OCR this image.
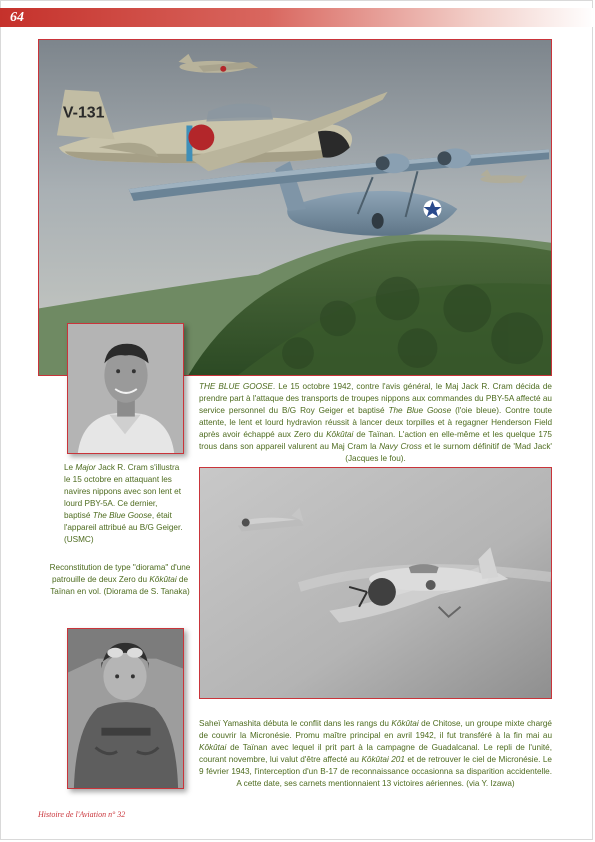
64
V-131
THE BLUE GOOSE. Le 15 octobre 1942, contre l'avis général, le Maj Jack R. Cram décida de prendre part à l'attaque des transports de troupes nippons aux commandes du PBY-5A affecté au service personnel du B/G Roy Geiger et baptisé The Blue Goose (l'oie bleue). Contre toute attente, le lent et lourd hydravion réussit à lancer deux torpilles et à regagner Henderson Field après avoir échappé aux Zero du Kôkûtai de Taïnan. L'action en elle-même et les quelque 175 trous dans son appareil valurent au Maj Cram la Navy Cross et le surnom définitif de 'Mad Jack' (Jacques le fou).
Le Major Jack R. Cram s'illustra le 15 octobre en attaquant les navires nippons avec son lent et lourd PBY-5A. Ce dernier, baptisé The Blue Goose, était l'appareil attribué au B/G Geiger. (USMC)
Reconstitution de type "diorama" d'une patrouille de deux Zero du Kôkûtai de Taïnan en vol. (Diorama de S. Tanaka)
Saheï Yamashita débuta le conflit dans les rangs du Kôkûtai de Chitose, un groupe mixte chargé de couvrir la Micronésie. Promu maître principal en avril 1942, il fut transféré à la fin mai au Kôkûtai de Taïnan avec lequel il prit part à la campagne de Guadalcanal. Le repli de l'unité, courant novembre, lui valut d'être affecté au Kôkûtai 201 et de retrouver le ciel de Micronésie. Le 9 février 1943, l'interception d'un B-17 de reconnaissance occasionna sa disparition accidentelle. A cette date, ses carnets mentionnaient 13 victoires aériennes. (via Y. Izawa)
Histoire de l'Aviation n° 32
